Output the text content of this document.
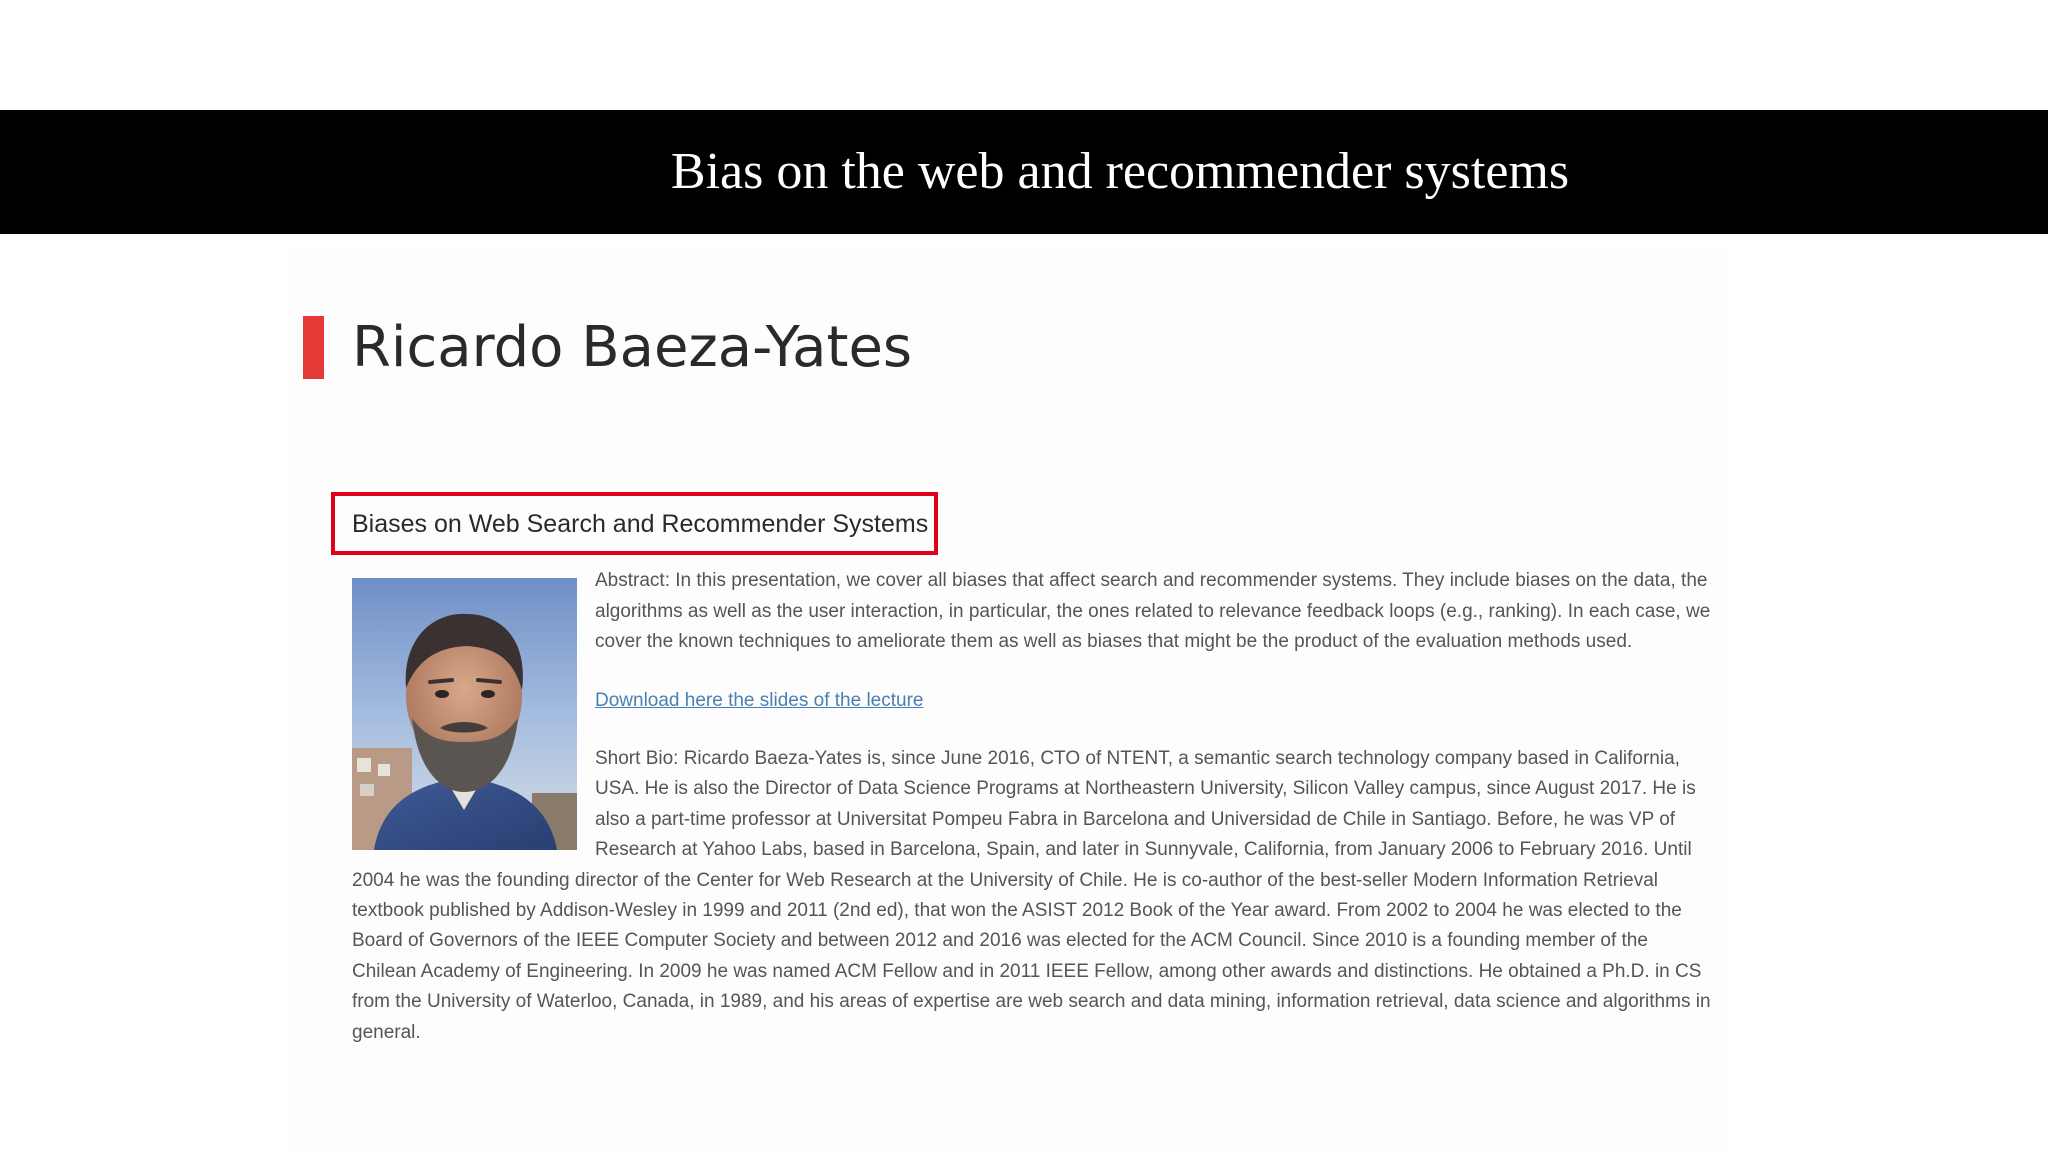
Bias on the web and recommender systems
Ricardo Baeza-Yates
Biases on Web Search and Recommender Systems

Abstract: In this presentation, we cover all biases that affect search and recommender systems. They include biases on the data, the algorithms as well as the user interaction, in particular, the ones related to relevance feedback loops (e.g., ranking). In each case, we cover the known techniques to ameliorate them as well as biases that might be the product of the evaluation methods used.

Download here the slides of the lecture

Short Bio: Ricardo Baeza-Yates is, since June 2016, CTO of NTENT, a semantic search technology company based in California, USA. He is also the Director of Data Science Programs at Northeastern University, Silicon Valley campus, since August 2017. He is also a part-time professor at Universitat Pompeu Fabra in Barcelona and Universidad de Chile in Santiago. Before, he was VP of Research at Yahoo Labs, based in Barcelona, Spain, and later in Sunnyvale, California, from January 2006 to February 2016. Until 2004 he was the founding director of the Center for Web Research at the University of Chile. He is co-author of the best-seller Modern Information Retrieval textbook published by Addison-Wesley in 1999 and 2011 (2nd ed), that won the ASIST 2012 Book of the Year award. From 2002 to 2004 he was elected to the Board of Governors of the IEEE Computer Society and between 2012 and 2016 was elected for the ACM Council. Since 2010 is a founding member of the Chilean Academy of Engineering. In 2009 he was named ACM Fellow and in 2011 IEEE Fellow, among other awards and distinctions. He obtained a Ph.D. in CS from the University of Waterloo, Canada, in 1989, and his areas of expertise are web search and data mining, information retrieval, data science and algorithms in general.
